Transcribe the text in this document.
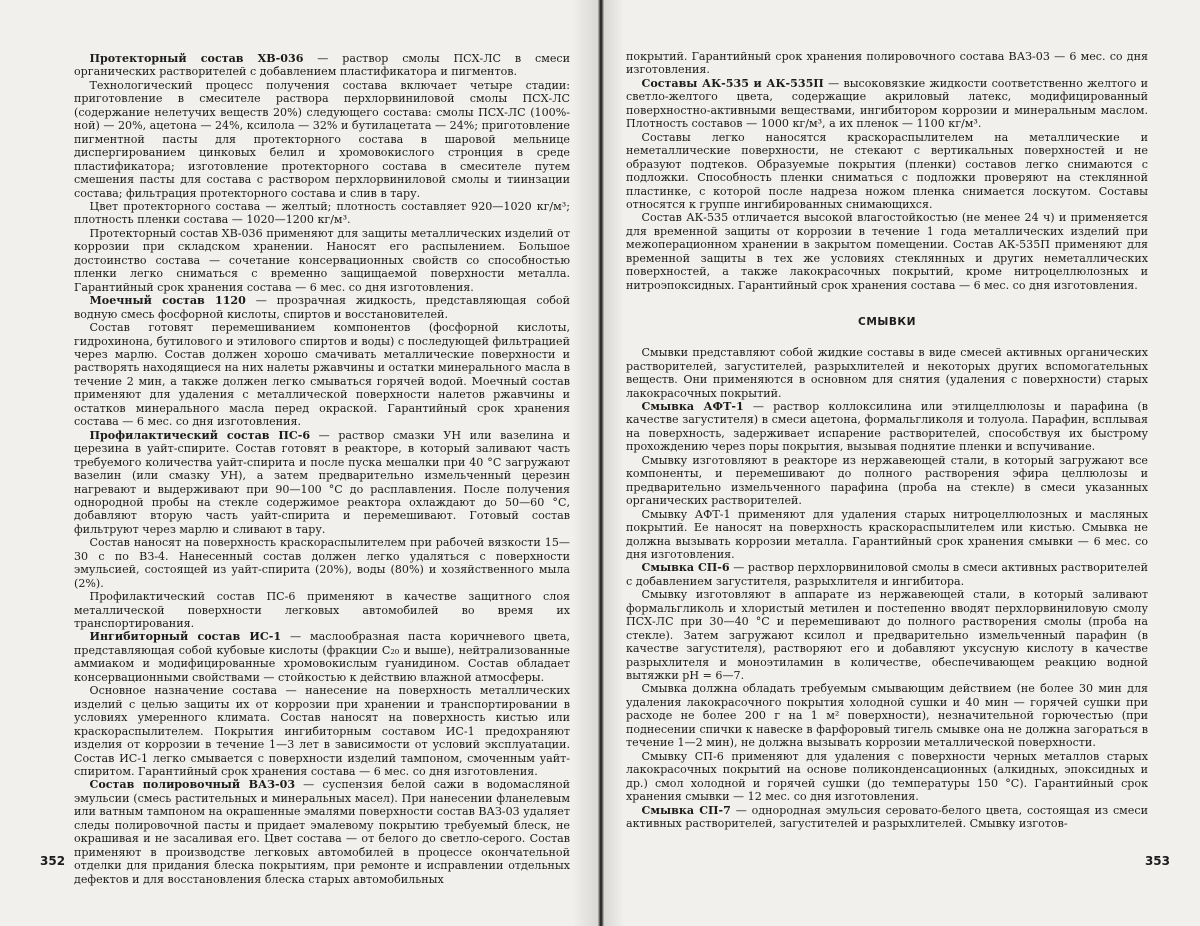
Протекторный состав ХВ-036 — раствор смолы ПСХ-ЛС в смеси органических растворителей с добавлением пластификатора и пигментов.

Технологический процесс получения состава включает четыре стадии: приготовление в смесителе раствора перхлорвиниловой смолы ПСХ-ЛС (содержание нелетучих веществ 20%) следующего состава: смолы ПСХ-ЛС (100%-ной) — 20%, ацетона — 24%, ксилола — 32% и бутилацетата — 24%; приготовление пигментной пасты для протекторного состава в шаровой мельнице диспергированием цинковых белил и хромовокислого стронция в среде пластификатора; изготовление протекторного состава в смесителе путем смешения пасты для состава с раствором перхлорвиниловой смолы и тиинзации состава; фильтрация протекторного состава и слив в тару.

Цвет протекторного состава — желтый; плотность составляет 920—1020 кг/м³; плотность пленки состава — 1020—1200 кг/м³.

Протекторный состав ХВ-036 применяют для защиты металлических изделий от коррозии при складском хранении. Наносят его распылением. Большое достоинство состава — сочетание консервационных свойств со способностью пленки легко сниматься с временно защищаемой поверхности металла. Гарантийный срок хранения состава — 6 мес. со дня изготовления.

Моечный состав 1120 — прозрачная жидкость, представляющая собой водную смесь фосфорной кислоты, спиртов и восстановителей.

Состав готовят перемешиванием компонентов (фосфорной кислоты, гидрохинона, бутилового и этилового спиртов и воды) с последующей фильтрацией через марлю. Состав должен хорошо смачивать металлические поверхности и растворять находящиеся на них налеты ржавчины и остатки минерального масла в течение 2 мин, а также должен легко смываться горячей водой. Моечный состав применяют для удаления с металлической поверхности налетов ржавчины и остатков минерального масла перед окраской. Гарантийный срок хранения состава — 6 мес. со дня изготовления.

Профилактический состав ПС-6 — раствор смазки УН или вазелина и церезина в уайт-спирите. Состав готовят в реакторе, в который заливают часть требуемого количества уайт-спирита и после пуска мешалки при 40 °С загружают вазелин (или смазку УН), а затем предварительно измельченный церезин нагревают и выдерживают при 90—100 °С до расплавления. После получения однородной пробы на стекле содержимое реактора охлаждают до 50—60 °С, добавляют вторую часть уайт-спирита и перемешивают. Готовый состав фильтруют через марлю и сливают в тару.

Состав наносят на поверхность краскораспылителем при рабочей вязкости 15—30 с по ВЗ-4. Нанесенный состав должен легко удаляться с поверхности эмульсией, состоящей из уайт-спирита (20%), воды (80%) и хозяйственного мыла (2%).

Профилактический состав ПС-6 применяют в качестве защитного слоя металлической поверхности легковых автомобилей во время их транспортирования.

Ингибиторный состав ИС-1 — маслообразная паста коричневого цвета, представляющая собой кубовые кислоты (фракции C₂₀ и выше), нейтрализованные аммиаком и модифицированные хромовокислым гуанидином. Состав обладает консервационными свойствами — стойкостью к действию влажной атмосферы.

Основное назначение состава — нанесение на поверхность металлических изделий с целью защиты их от коррозии при хранении и транспортировании в условиях умеренного климата. Состав наносят на поверхность кистью или краскораспылителем. Покрытия ингибиторным составом ИС-1 предохраняют изделия от коррозии в течение 1—3 лет в зависимости от условий эксплуатации. Состав ИС-1 легко смывается с поверхности изделий тампоном, смоченным уайт-спиритом. Гарантийный срок хранения состава — 6 мес. со дня изготовления.

Состав полировочный ВАЗ-03 — суспензия белой сажи в водомасляной эмульсии (смесь растительных и минеральных масел). При нанесении фланелевым или ватным тампоном на окрашенные эмалями поверхности состав ВАЗ-03 удаляет следы полировочной пасты и придает эмалевому покрытию требуемый блеск, не окрашивая и не засаливая его. Цвет состава — от белого до светло-серого. Состав применяют в производстве легковых автомобилей в процессе окончательной отделки для придания блеска покрытиям, при ремонте и исправлении отдельных дефектов и для восстановления блеска старых автомобильных

352

покрытий. Гарантийный срок хранения полировочного состава ВАЗ-03 — 6 мес. со дня изготовления.

Составы АК-535 и АК-535П — высоковязкие жидкости соответственно желтого и светло-желтого цвета, содержащие акриловый латекс, модифицированный поверхностно-активными веществами, ингибитором коррозии и минеральным маслом. Плотность составов — 1000 кг/м³, а их пленок — 1100 кг/м³.

Составы легко наносятся краскораспылителем на металлические и неметаллические поверхности, не стекают с вертикальных поверхностей и не образуют подтеков. Образуемые покрытия (пленки) составов легко снимаются с подложки. Способность пленки сниматься с подложки проверяют на стеклянной пластинке, с которой после надреза ножом пленка снимается лоскутом. Составы относятся к группе ингибированных снимающихся.

Состав АК-535 отличается высокой влагостойкостью (не менее 24 ч) и применяется для временной защиты от коррозии в течение 1 года металлических изделий при межоперационном хранении в закрытом помещении. Состав АК-535П применяют для временной защиты в тех же условиях стеклянных и других неметаллических поверхностей, а также лакокрасочных покрытий, кроме нитроцеллюлозных и нитроэпоксидных. Гарантийный срок хранения состава — 6 мес. со дня изготовления.

СМЫВКИ

Смывки представляют собой жидкие составы в виде смесей активных органических растворителей, загустителей, разрыхлителей и некоторых других вспомогательных веществ. Они применяются в основном для снятия (удаления с поверхности) старых лакокрасочных покрытий.

Смывка АФТ-1 — раствор коллоксилина или этилцеллюлозы и парафина (в качестве загустителя) в смеси ацетона, формальгликоля и толуола. Парафин, всплывая на поверхность, задерживает испарение растворителей, способствуя их быстрому прохождению через поры покрытия, вызывая поднятие пленки и вспучивание.

Смывку изготовляют в реакторе из нержавеющей стали, в который загружают все компоненты, и перемешивают до полного растворения эфира целлюлозы и предварительно измельченного парафина (проба на стекле) в смеси указанных органических растворителей.

Смывку АФТ-1 применяют для удаления старых нитроцеллюлозных и масляных покрытий. Ее наносят на поверхность краскораспылителем или кистью. Смывка не должна вызывать коррозии металла. Гарантийный срок хранения смывки — 6 мес. со дня изготовления.

Смывка СП-6 — раствор перхлорвиниловой смолы в смеси активных растворителей с добавлением загустителя, разрыхлителя и ингибитора.

Смывку изготовляют в аппарате из нержавеющей стали, в который заливают формальгликоль и хлористый метилен и постепенно вводят перхлорвиниловую смолу ПСХ-ЛС при 30—40 °С и перемешивают до полного растворения смолы (проба на стекле). Затем загружают ксилол и предварительно измельченный парафин (в качестве загустителя), растворяют его и добавляют уксусную кислоту в качестве разрыхлителя и моноэтиламин в количестве, обеспечивающем реакцию водной вытяжки pH = 6—7.

Смывка должна обладать требуемым смывающим действием (не более 30 мин для удаления лакокрасочного покрытия холодной сушки и 40 мин — горячей сушки при расходе не более 200 г на 1 м² поверхности), незначительной горючестью (при поднесении спички к навеске в фарфоровый тигель смывке она не должна загораться в течение 1—2 мин), не должна вызывать коррозии металлической поверхности.

Смывку СП-6 применяют для удаления с поверхности черных металлов старых лакокрасочных покрытий на основе поликонденсационных (алкидных, эпоксидных и др.) смол холодной и горячей сушки (до температуры 150 °С). Гарантийный срок хранения смывки — 12 мес. со дня изготовления.

Смывка СП-7 — однородная эмульсия серовато-белого цвета, состоящая из смеси активных растворителей, загустителей и разрыхлителей. Смывку изготов-

353
